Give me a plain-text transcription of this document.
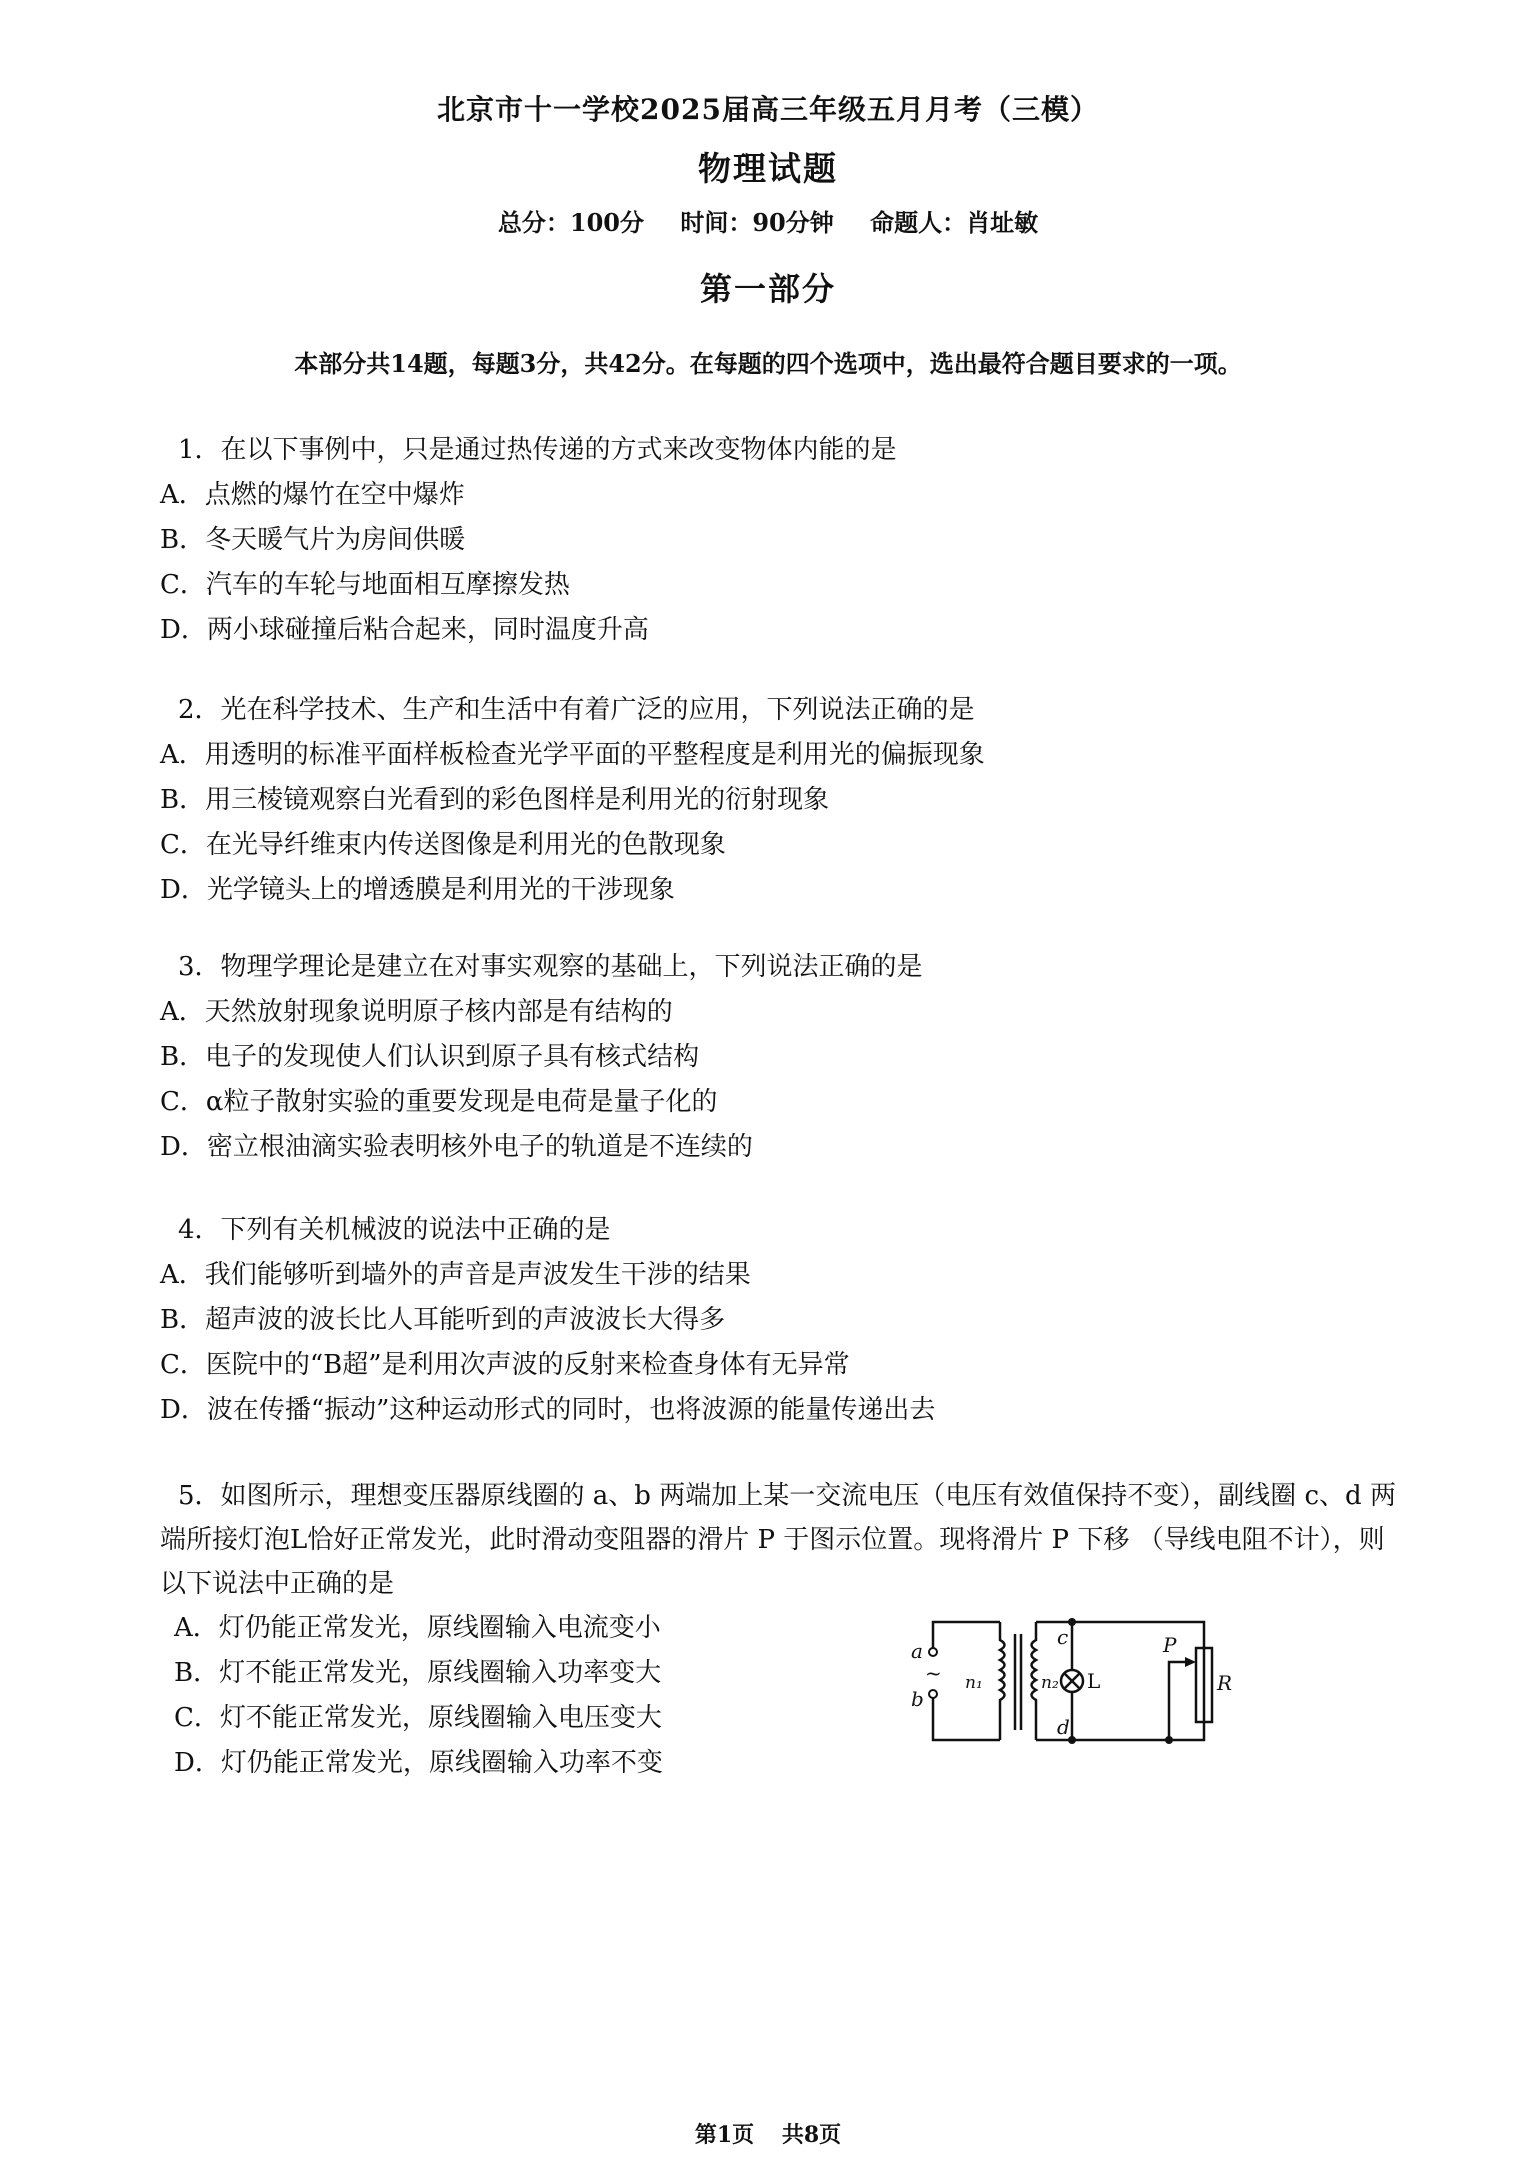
北京市十一学校2025届高三年级五月月考（三模）
物理试题
总分：100分 时间：90分钟 命题人：肖址敏
第一部分
本部分共14题，每题3分，共42分。在每题的四个选项中，选出最符合题目要求的一项。
1．在以下事例中，只是通过热传递的方式来改变物体内能的是
A．点燃的爆竹在空中爆炸
B．冬天暖气片为房间供暖
C．汽车的车轮与地面相互摩擦发热
D．两小球碰撞后粘合起来，同时温度升高
2．光在科学技术、生产和生活中有着广泛的应用，下列说法正确的是
A．用透明的标准平面样板检查光学平面的平整程度是利用光的偏振现象
B．用三棱镜观察白光看到的彩色图样是利用光的衍射现象
C．在光导纤维束内传送图像是利用光的色散现象
D．光学镜头上的增透膜是利用光的干涉现象
3．物理学理论是建立在对事实观察的基础上，下列说法正确的是
A．天然放射现象说明原子核内部是有结构的
B．电子的发现使人们认识到原子具有核式结构
C．α粒子散射实验的重要发现是电荷是量子化的
D．密立根油滴实验表明核外电子的轨道是不连续的
4．下列有关机械波的说法中正确的是
A．我们能够听到墙外的声音是声波发生干涉的结果
B．超声波的波长比人耳能听到的声波波长大得多
C．医院中的“B超”是利用次声波的反射来检查身体有无异常
D．波在传播“振动”这种运动形式的同时，也将波源的能量传递出去
5．如图所示，理想变压器原线圈的 a、b 两端加上某一交流电压（电压有效值保持不变），副线圈 c、d 两端所接灯泡L恰好正常发光，此时滑动变阻器的滑片 P 于图示位置。现将滑片 P 下移 （导线电阻不计），则以下说法中正确的是
A．灯仍能正常发光，原线圈输入电流变小
B．灯不能正常发光，原线圈输入功率变大
C．灯不能正常发光，原线圈输入电压变大
D．灯仍能正常发光，原线圈输入功率不变
a
b
~ n₁	n₂
c
d
L
P
R
第1页 共8页
